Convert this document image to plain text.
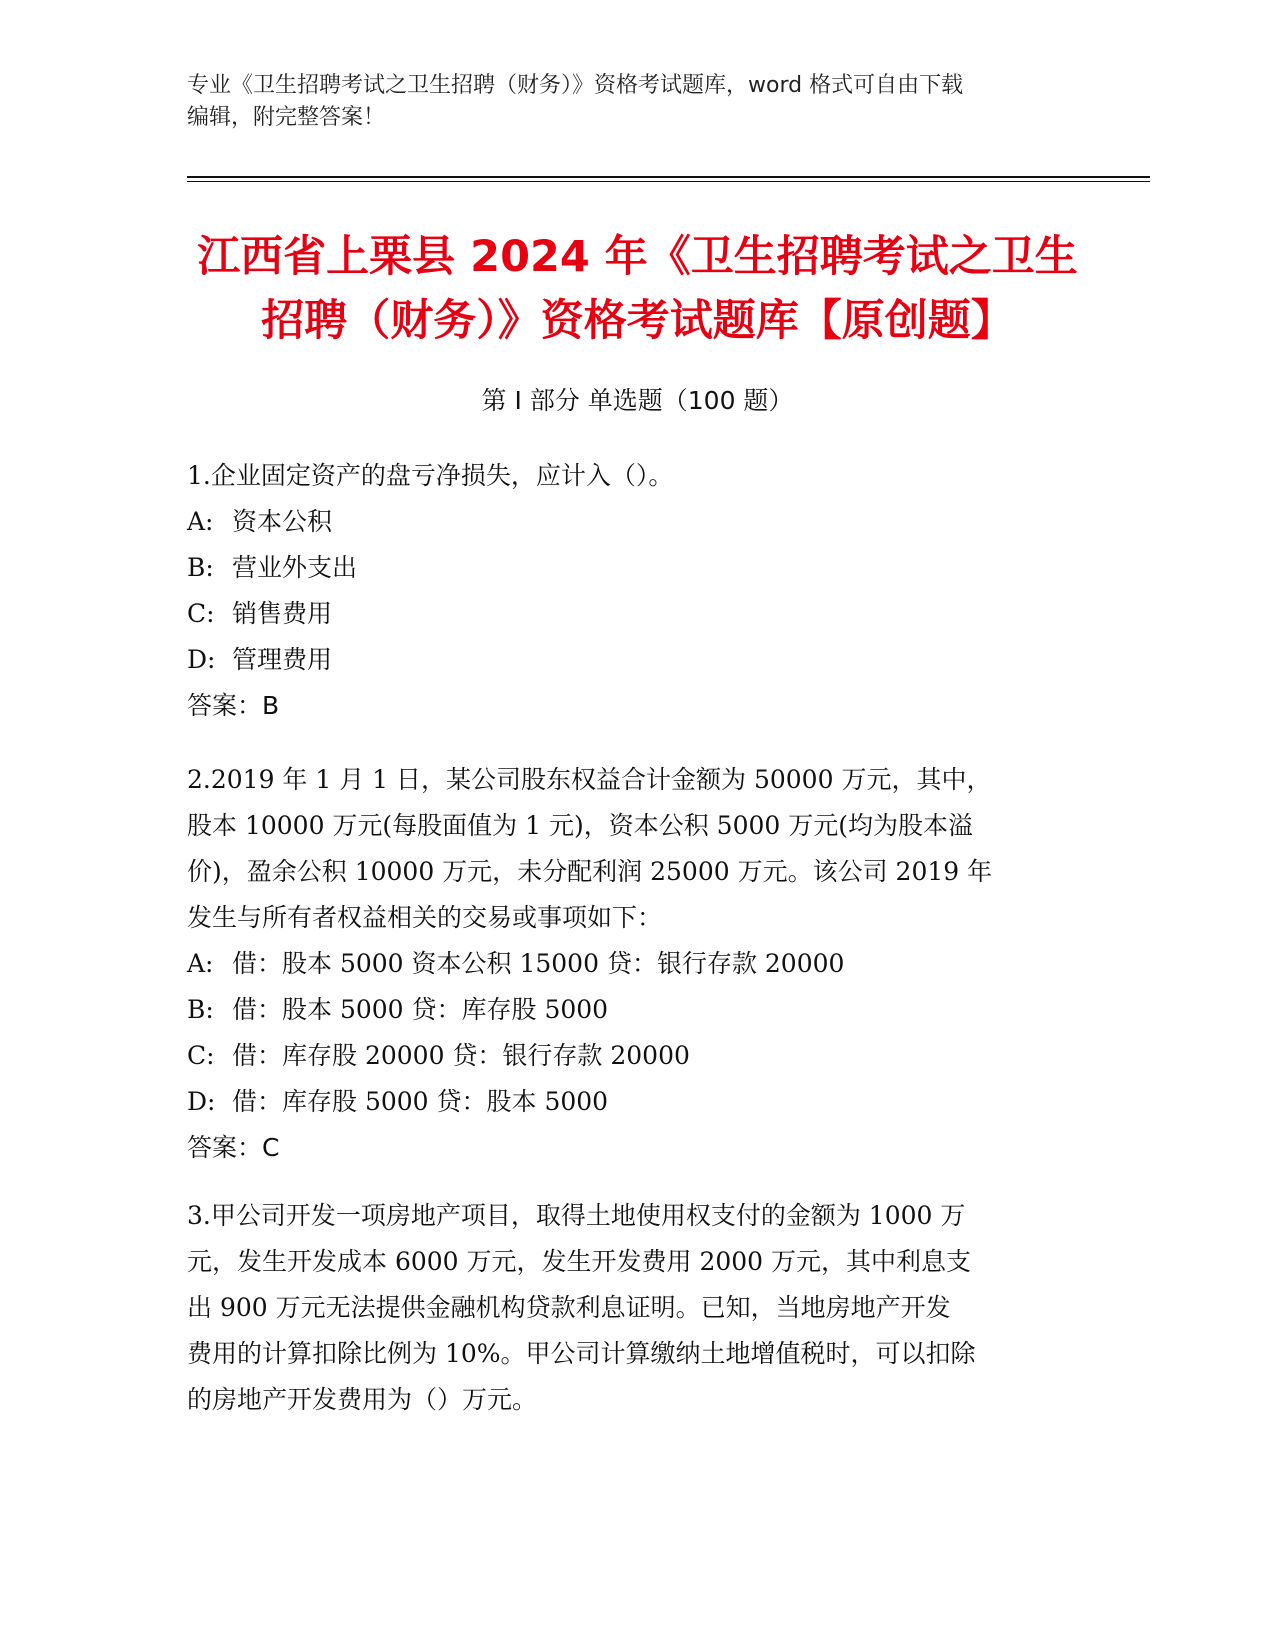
专业《卫生招聘考试之卫生招聘（财务）》资格考试题库，word 格式可自由下载
编辑，附完整答案！
江西省上栗县 2024 年《卫生招聘考试之卫生
招聘（财务）》资格考试题库【原创题】
第 I 部分 单选题（100 题）
1.企业固定资产的盘亏净损失，应计入（）。
A: 资本公积
B: 营业外支出
C: 销售费用
D: 管理费用
答案：B
2.2019 年 1 月 1 日，某公司股东权益合计金额为 50000 万元，其中，
股本 10000 万元(每股面值为 1 元)，资本公积 5000 万元(均为股本溢
价)，盈余公积 10000 万元，未分配利润 25000 万元。该公司 2019 年
发生与所有者权益相关的交易或事项如下：
A: 借：股本 5000 资本公积 15000 贷：银行存款 20000
B: 借：股本 5000 贷：库存股 5000
C: 借：库存股 20000 贷：银行存款 20000
D: 借：库存股 5000 贷：股本 5000
答案：C
3.甲公司开发一项房地产项目，取得土地使用权支付的金额为 1000 万
元，发生开发成本 6000 万元，发生开发费用 2000 万元，其中利息支
出 900 万元无法提供金融机构贷款利息证明。已知，当地房地产开发
费用的计算扣除比例为 10%。甲公司计算缴纳土地增值税时，可以扣除
的房地产开发费用为（）万元。
